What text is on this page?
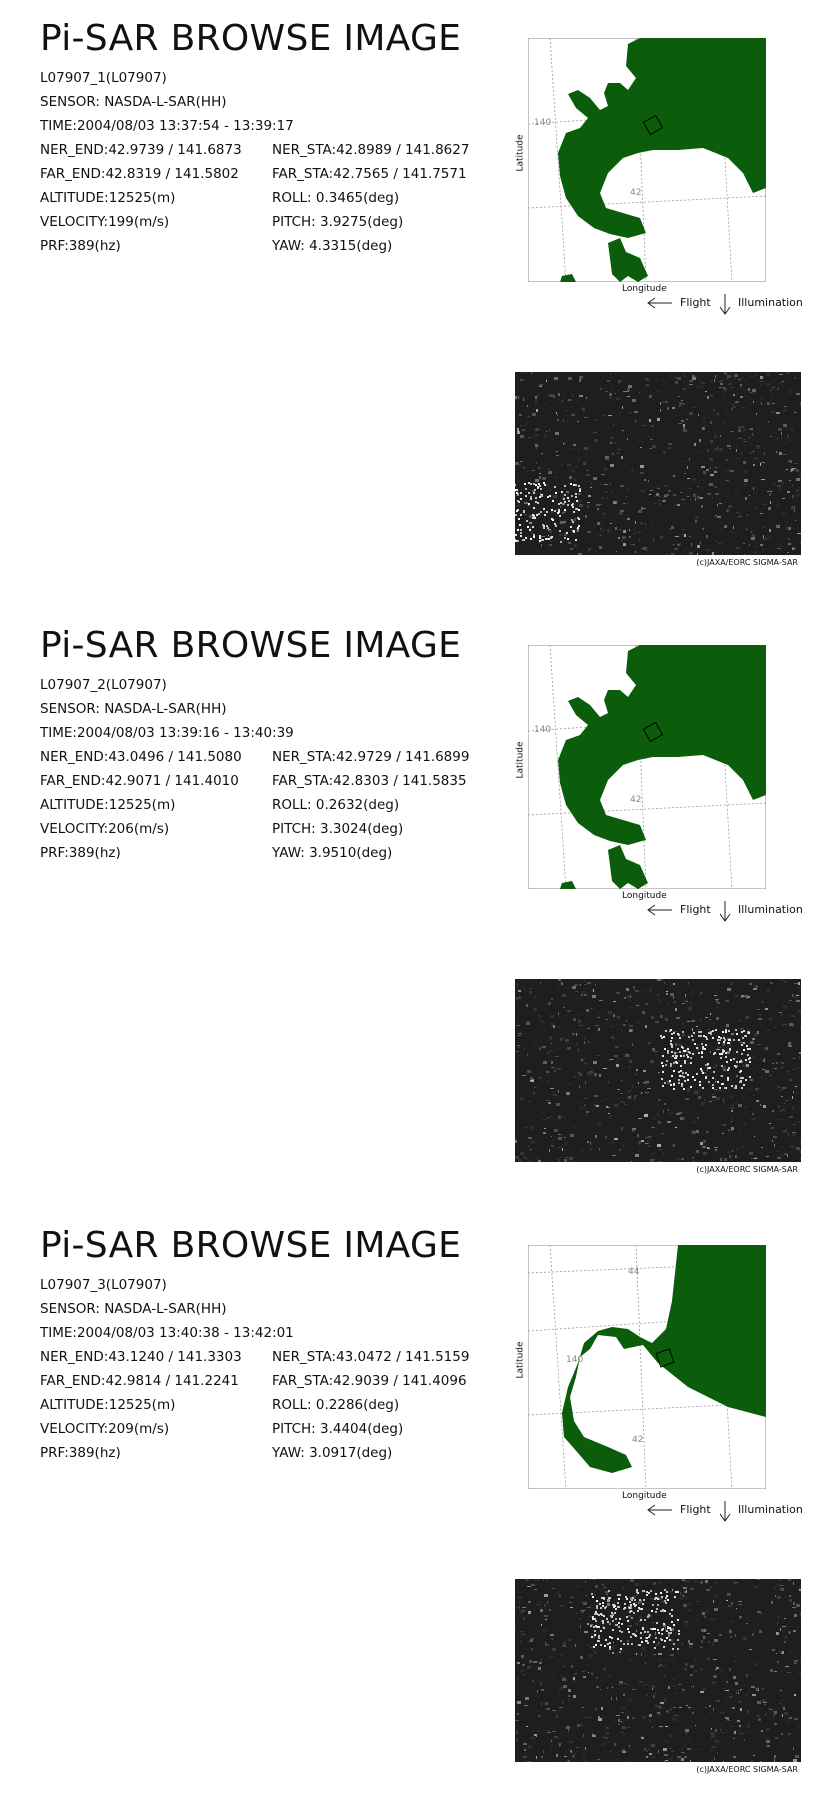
Pi-SAR BROWSE IMAGE
L07907_1(L07907)
SENSOR: NASDA-L-SAR(HH)
TIME:2004/08/03 13:37:54 - 13:39:17
NER_END:42.9739 / 141.6873 NER_STA:42.8989 / 141.8627
FAR_END:42.8319 / 141.5802 FAR_STA:42.7565 / 141.7571
ALTITUDE:12525(m)	ROLL: 0.3465(deg)
VELOCITY:199(m/s)	PITCH: 3.9275(deg)
PRF:389(hz)	YAW: 4.3315(deg)
Latitude
Longitude
140
42
Flight Illumination
(c)JAXA/EORC SIGMA-SAR
Pi-SAR BROWSE IMAGE
L07907_2(L07907)
SENSOR: NASDA-L-SAR(HH)
TIME:2004/08/03 13:39:16 - 13:40:39
NER_END:43.0496 / 141.5080 NER_STA:42.9729 / 141.6899
FAR_END:42.9071 / 141.4010 FAR_STA:42.8303 / 141.5835
ALTITUDE:12525(m)	ROLL: 0.2632(deg)
VELOCITY:206(m/s)	PITCH: 3.3024(deg)
PRF:389(hz)	YAW: 3.9510(deg)
Latitude
Longitude
140
42
Flight Illumination
(c)JAXA/EORC SIGMA-SAR
Pi-SAR BROWSE IMAGE
L07907_3(L07907)
SENSOR: NASDA-L-SAR(HH)
TIME:2004/08/03 13:40:38 - 13:42:01
NER_END:43.1240 / 141.3303 NER_STA:43.0472 / 141.5159
FAR_END:42.9814 / 141.2241 FAR_STA:42.9039 / 141.4096
ALTITUDE:12525(m)	ROLL: 0.2286(deg)
VELOCITY:209(m/s)	PITCH: 3.4404(deg)
PRF:389(hz)	YAW: 3.0917(deg)
Latitude
Longitude
140
42
44
Flight Illumination
(c)JAXA/EORC SIGMA-SAR
